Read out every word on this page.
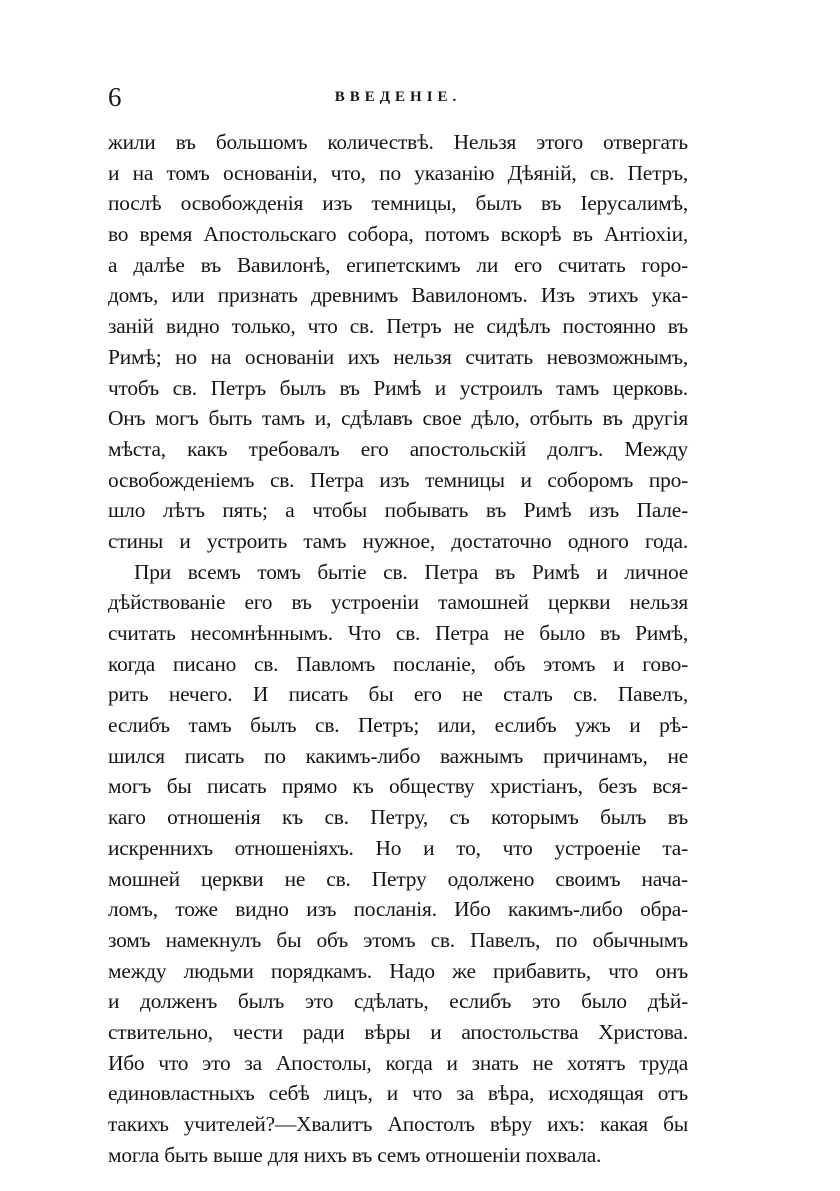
6	ВВЕДЕНIЕ.
жили въ большомъ количествѣ. Нельзя этого отвергать
и на томъ основанiи, что, по указанiю Дѣянiй, св. Петръ,
послѣ освобожденiя изъ темницы, былъ въ Iерусалимѣ,
во время Апостольскаго собора, потомъ вскорѣ въ Антiохiи,
а далѣе въ Вавилонѣ, египетскимъ ли его считать горо-
домъ, или признать древнимъ Вавилономъ. Изъ этихъ ука-
занiй видно только, что св. Петръ не сидѣлъ постоянно въ
Римѣ; но на основанiи ихъ нельзя считать невозможнымъ,
чтобъ св. Петръ былъ въ Римѣ и устроилъ тамъ церковь.
Онъ могъ быть тамъ и, сдѣлавъ свое дѣло, отбыть въ другiя
мѣста, какъ требовалъ его апостольскiй долгъ. Между
освобожденiемъ св. Петра изъ темницы и соборомъ про-
шло лѣтъ пять; а чтобы побывать въ Римѣ изъ Пале-
стины и устроить тамъ нужное, достаточно одного года.
При всемъ томъ бытiе св. Петра въ Римѣ и личное
дѣйствованiе его въ устроенiи тамошней церкви нельзя
считать несомнѣннымъ. Что св. Петра не было въ Римѣ,
когда писано св. Павломъ посланiе, объ этомъ и гово-
рить нечего. И писать бы его не сталъ св. Павелъ,
еслибъ тамъ былъ св. Петръ; или, еслибъ ужъ и рѣ-
шился писать по какимъ-либо важнымъ причинамъ, не
могъ бы писать прямо къ обществу христiанъ, безъ вся-
каго отношенiя къ св. Петру, съ которымъ былъ въ
искреннихъ отношенiяхъ. Но и то, что устроенiе та-
мошней церкви не св. Петру одолжено своимъ нача-
ломъ, тоже видно изъ посланiя. Ибо какимъ-либо обра-
зомъ намекнулъ бы объ этомъ св. Павелъ, по обычнымъ
между людьми порядкамъ. Надо же прибавить, что онъ
и долженъ былъ это сдѣлать, еслибъ это было дѣй-
ствительно, чести ради вѣры и апостольства Христова.
Ибо что это за Апостолы, когда и знать не хотятъ труда
единовластныхъ себѣ лицъ, и что за вѣра, исходящая отъ
такихъ учителей?—Хвалитъ Апостолъ вѣру ихъ: какая бы
могла быть выше для нихъ въ семъ отношенiи похвала.
